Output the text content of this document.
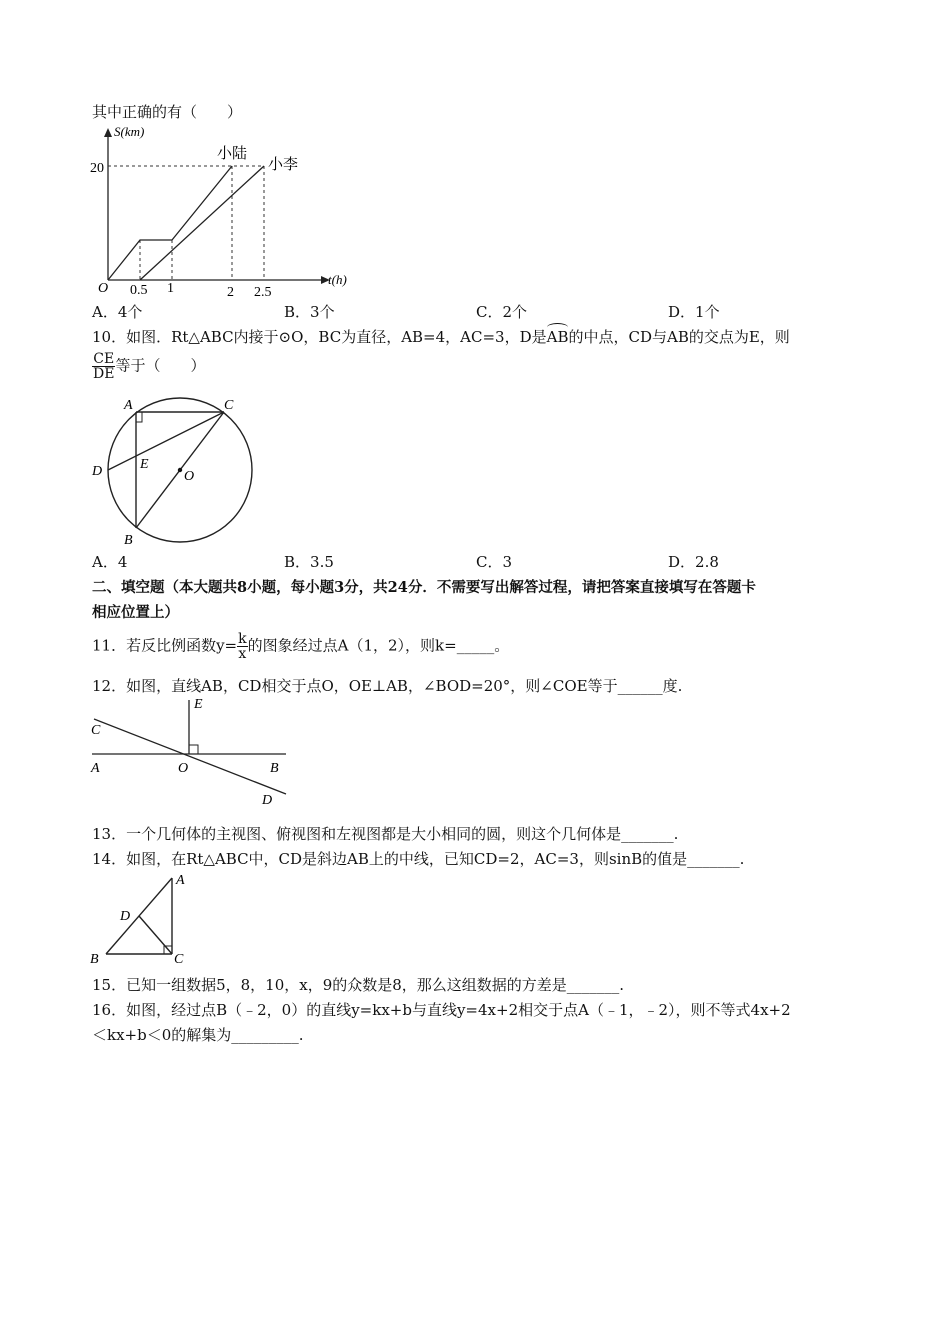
其中正确的有（　　）
S(km)
t(h)
20
O 0.5 1	2 2.5
小陆
小李
A．4个	B．3个	C．2个	D．1个
10．如图．Rt△ABC内接于⊙O，BC为直径，AB=4，AC=3，D是AB的中点，CD与AB的交点为E，则
$\frac{CE}{DE}$ 等于（　　）
A	C
D	E
O
B
A．4	B．3.5	C．3	D．2.8
二、填空题（本大题共8小题，每小题3分，共24分．不需要写出解答过程，请把答案直接填写在答题卡
相应位置上）
11．若反比例函数$y= \frac{k}{x}$ 的图象经过点A（1，2），则k=_____。
12．如图，直线AB，CD相交于点O，OE⊥AB，∠BOD=20°，则∠COE等于______度.
E
C
A	O	B
D
13．一个几何体的主视图、俯视图和左视图都是大小相同的圆，则这个几何体是_______.
14．如图，在Rt△ABC中，CD是斜边AB上的中线，已知CD=2，AC=3，则sinB的值是_______.
A
D
B	C
15．已知一组数据5，8，10，x，9的众数是8，那么这组数据的方差是_______.
16．如图，经过点B（﹣2，0）的直线y=kx+b与直线y=4x+2相交于点A（﹣1，﹣2），则不等式4x+2
＜kx+b＜0的解集为_________.
